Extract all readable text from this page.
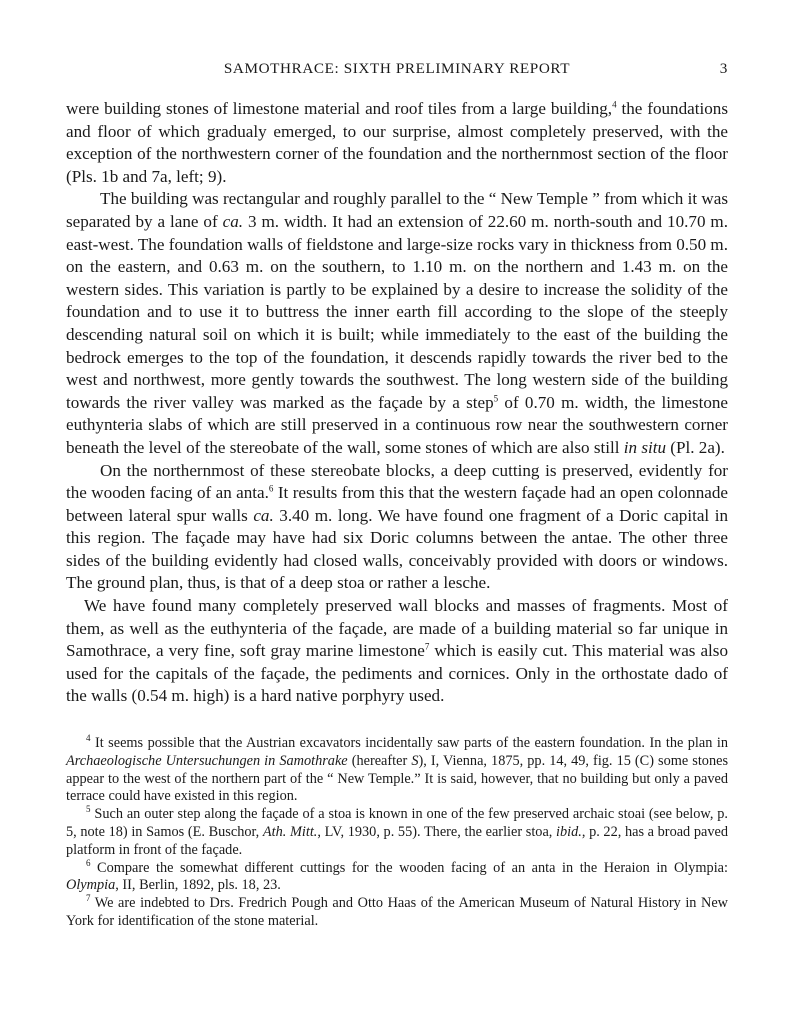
SAMOTHRACE: SIXTH PRELIMINARY REPORT	3

were building stones of limestone material and roof tiles from a large building,$^4$ the foundations and floor of which gradualy emerged, to our surprise, almost completely preserved, with the exception of the northwestern corner of the foundation and the northernmost section of the floor (Pls. 1b and 7a, left; 9).

The building was rectangular and roughly parallel to the “ New Temple ” from which it was separated by a lane of ca. 3 m. width. It had an extension of 22.60 m. north-south and 10.70 m. east-west. The foundation walls of fieldstone and large-size rocks vary in thickness from 0.50 m. on the eastern, and 0.63 m. on the southern, to 1.10 m. on the northern and 1.43 m. on the western sides. This variation is partly to be explained by a desire to increase the solidity of the foundation and to use it to buttress the inner earth fill according to the slope of the steeply descending natural soil on which it is built; while immediately to the east of the building the bedrock emerges to the top of the foundation, it descends rapidly towards the river bed to the west and northwest, more gently towards the southwest. The long western side of the building towards the river valley was marked as the façade by a step$^5$ of 0.70 m. width, the limestone euthynteria slabs of which are still preserved in a continuous row near the southwestern corner beneath the level of the stereobate of the wall, some stones of which are also still in situ (Pl. 2a).

On the northernmost of these stereobate blocks, a deep cutting is preserved, evidently for the wooden facing of an anta.$^6$ It results from this that the western façade had an open colonnade between lateral spur walls ca. 3.40 m. long. We have found one fragment of a Doric capital in this region. The façade may have had six Doric columns between the antae. The other three sides of the building evidently had closed walls, conceivably provided with doors or windows. The ground plan, thus, is that of a deep stoa or rather a lesche.

We have found many completely preserved wall blocks and masses of fragments. Most of them, as well as the euthynteria of the façade, are made of a building material so far unique in Samothrace, a very fine, soft gray marine limestone$^7$ which is easily cut. This material was also used for the capitals of the façade, the pediments and cornices. Only in the orthostate dado of the walls (0.54 m. high) is a hard native porphyry used.

$^4$ It seems possible that the Austrian excavators incidentally saw parts of the eastern foundation. In the plan in Archaeologische Untersuchungen in Samothrake (hereafter S), I, Vienna, 1875, pp. 14, 49, fig. 15 (C) some stones appear to the west of the northern part of the “ New Temple.” It is said, however, that no building but only a paved terrace could have existed in this region.

$^5$ Such an outer step along the façade of a stoa is known in one of the few preserved archaic stoai (see below, p. 5, note 18) in Samos (E. Buschor, Ath. Mitt., LV, 1930, p. 55). There, the earlier stoa, ibid., p. 22, has a broad paved platform in front of the façade.

$^6$ Compare the somewhat different cuttings for the wooden facing of an anta in the Heraion in Olympia: Olympia, II, Berlin, 1892, pls. 18, 23.

$^7$ We are indebted to Drs. Fredrich Pough and Otto Haas of the American Museum of Natural History in New York for identification of the stone material.
